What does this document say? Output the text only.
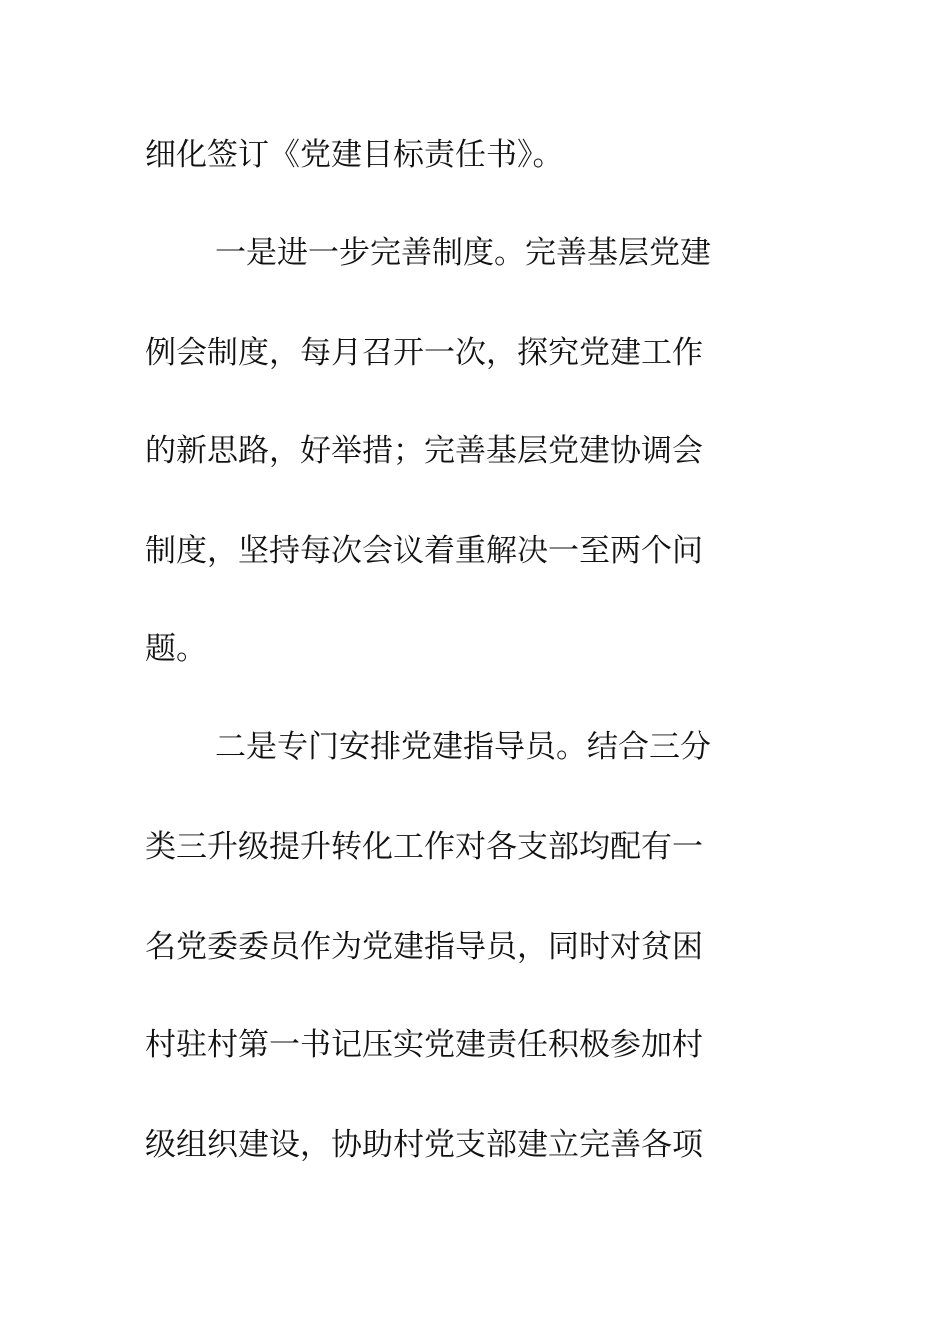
细化签订《党建目标责任书》。
一是进一步完善制度。完善基层党建
例会制度，每月召开一次，探究党建工作
的新思路，好举措；完善基层党建协调会
制度，坚持每次会议着重解决一至两个问
题。
二是专门安排党建指导员。结合三分
类三升级提升转化工作对各支部均配有一
名党委委员作为党建指导员，同时对贫困
村驻村第一书记压实党建责任积极参加村
级组织建设，协助村党支部建立完善各项
